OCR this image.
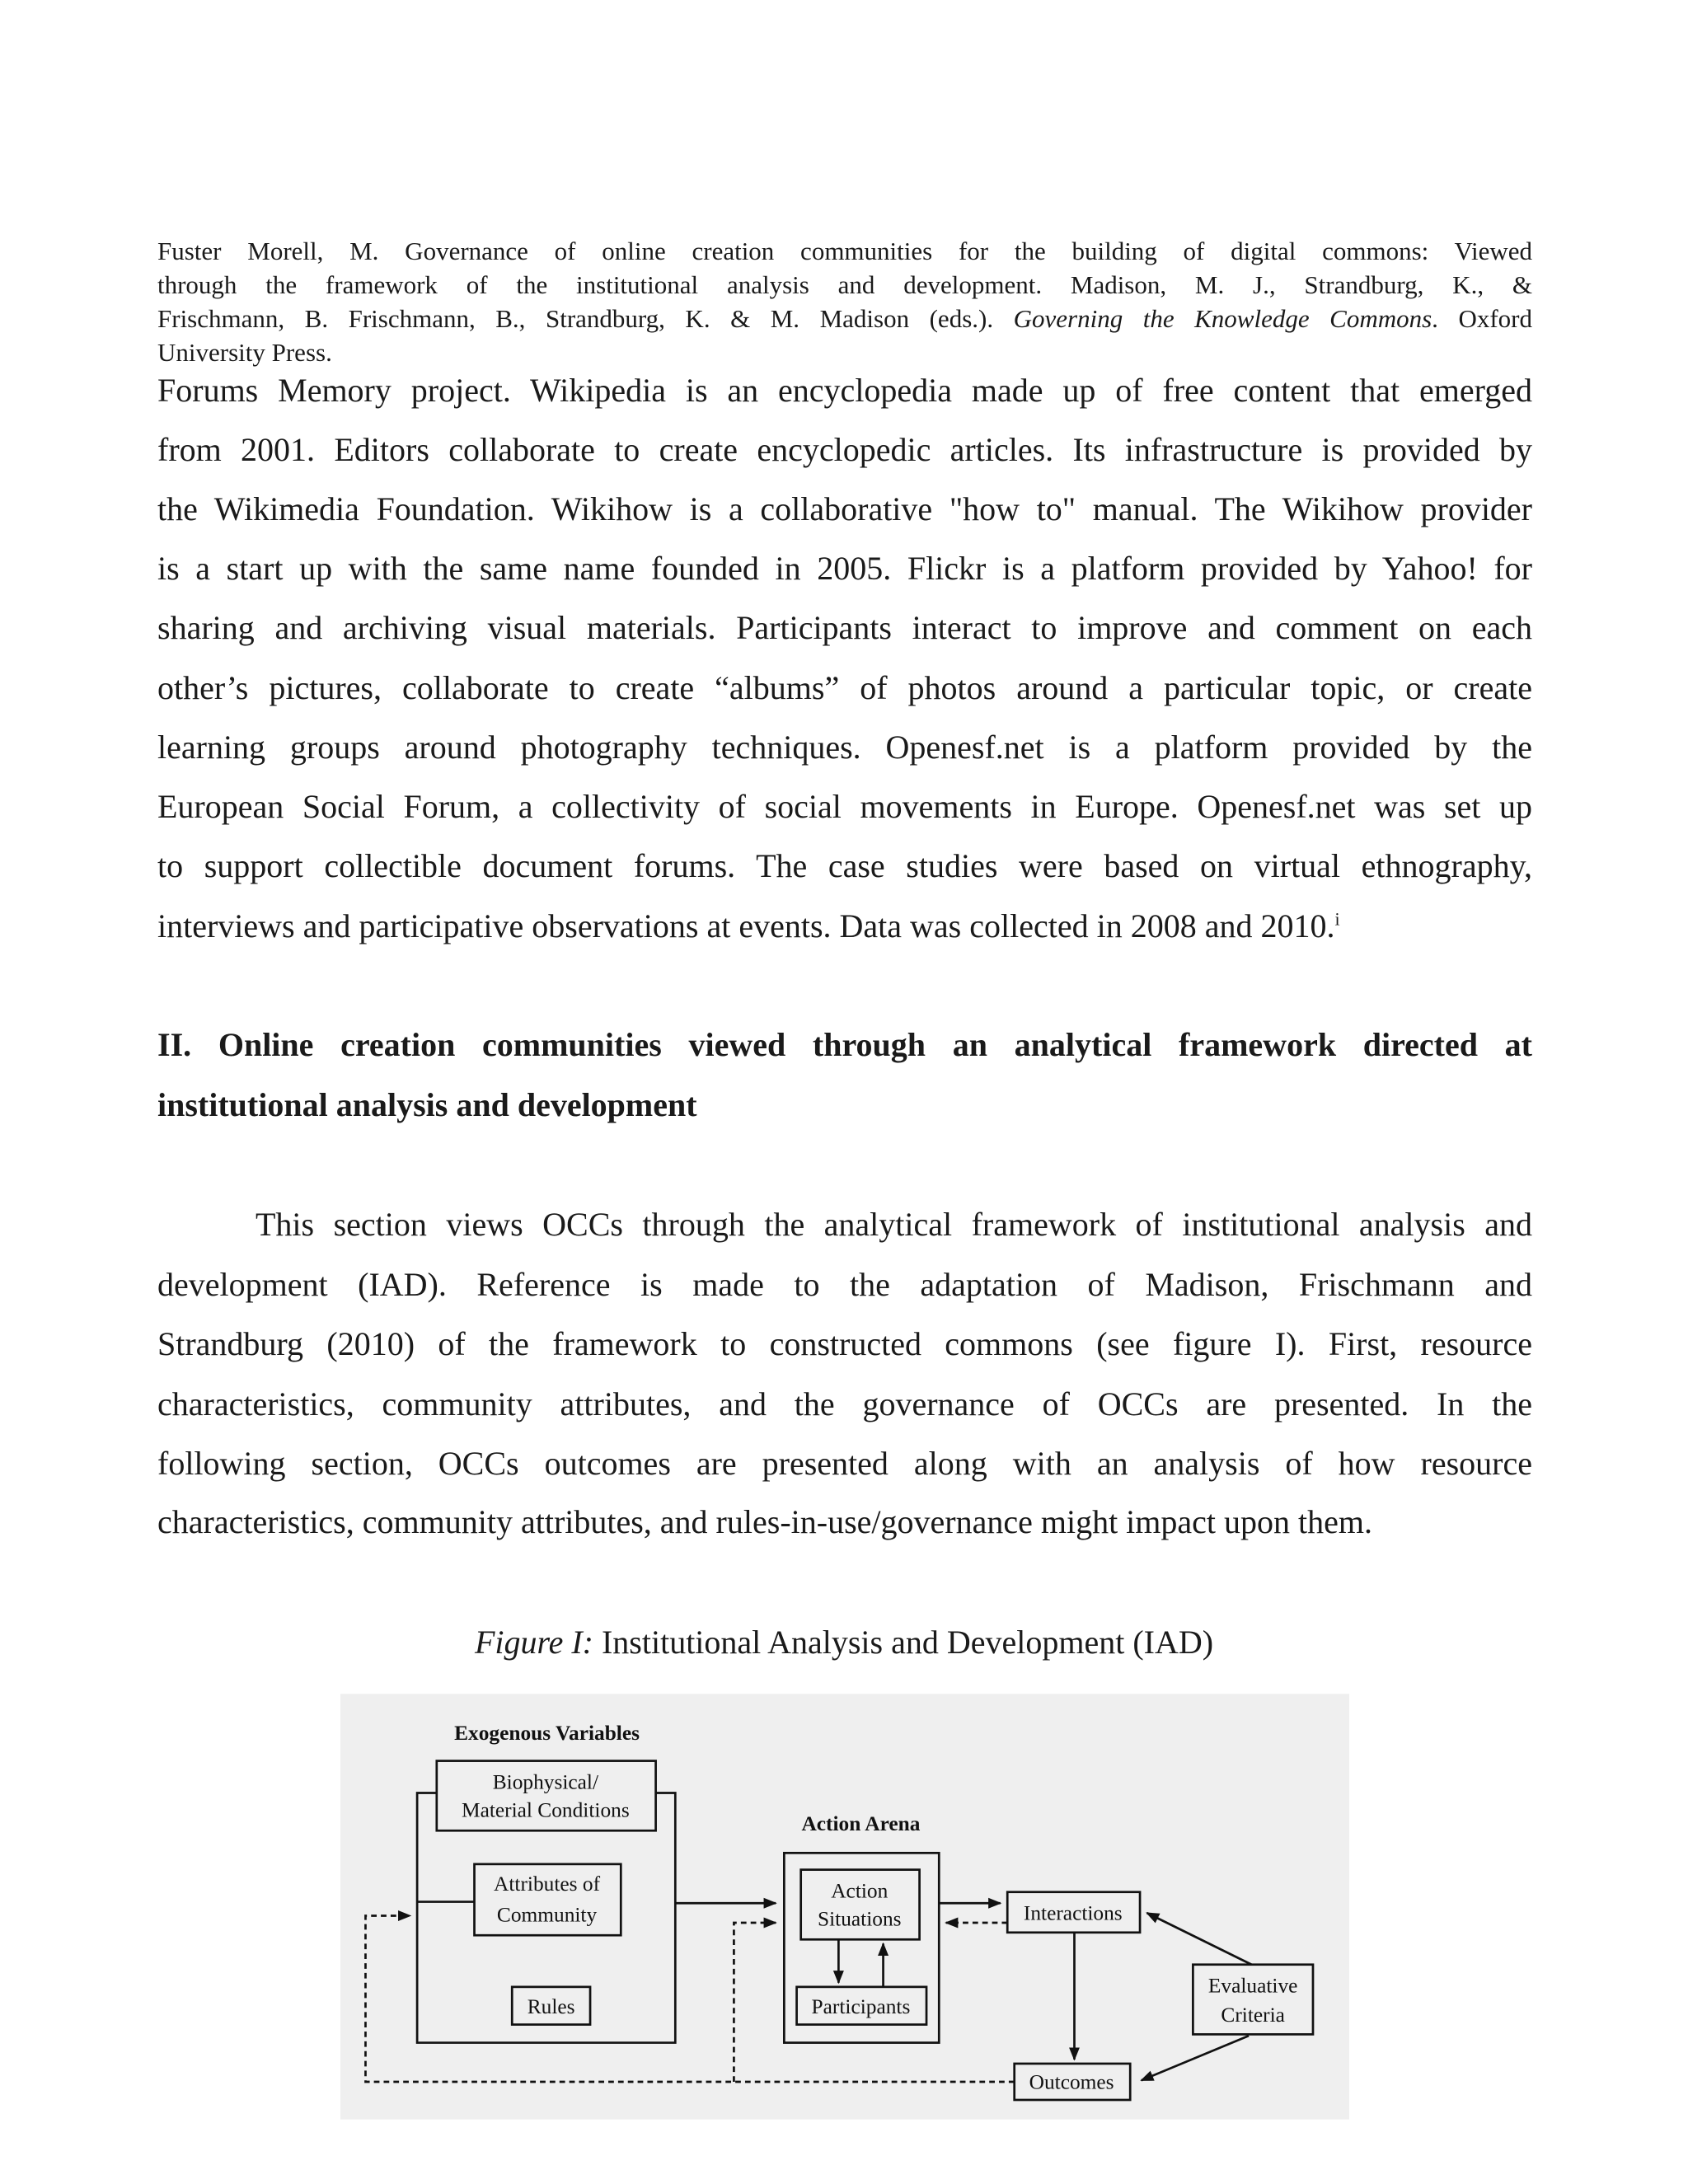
Fuster Morell, M. Governance of online creation communities for the building of digital commons: Viewed
through the framework of the institutional analysis and development. Madison, M. J., Strandburg, K., &
Frischmann, B. Frischmann, B., Strandburg, K. & M. Madison (eds.). Governing the Knowledge Commons. Oxford
University Press.
Forums Memory project. Wikipedia is an encyclopedia made up of free content that emerged
from 2001. Editors collaborate to create encyclopedic articles. Its infrastructure is provided by
the Wikimedia Foundation. Wikihow is a collaborative "how to" manual. The Wikihow provider
is a start up with the same name founded in 2005. Flickr is a platform provided by Yahoo! for
sharing and archiving visual materials. Participants interact to improve and comment on each
other’s pictures, collaborate to create “albums” of photos around a particular topic, or create
learning groups around photography techniques. Openesf.net is a platform provided by the
European Social Forum, a collectivity of social movements in Europe. Openesf.net was set up
to support collectible document forums. The case studies were based on virtual ethnography,
interviews and participative observations at events. Data was collected in 2008 and 2010.$^i$
II. Online creation communities viewed through an analytical framework directed at
institutional analysis and development
This section views OCCs through the analytical framework of institutional analysis and
development (IAD). Reference is made to the adaptation of Madison, Frischmann and
Strandburg (2010) of the framework to constructed commons (see figure I). First, resource
characteristics, community attributes, and the governance of OCCs are presented. In the
following section, OCCs outcomes are presented along with an analysis of how resource
characteristics, community attributes, and rules-in-use/governance might impact upon them.
Figure I: Institutional Analysis and Development (IAD)
Exogenous Variables
Biophysical/
Material Conditions
Attributes of
Community
Rules
Action Arena
Action
Situations
Participants
Interactions
Evaluative
Criteria
Outcomes
